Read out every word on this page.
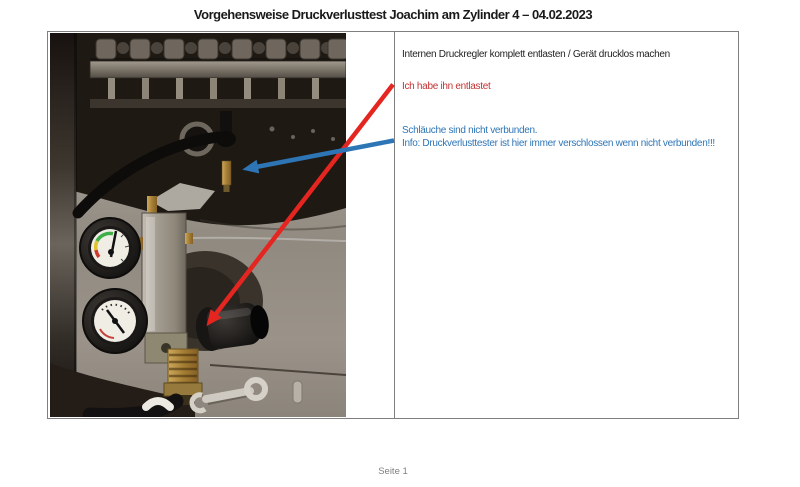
Vorgehensweise Druckverlusttest Joachim am Zylinder 4 – 04.02.2023

Internen Druckregler komplett entlasten / Gerät drucklos machen

Ich habe ihn entlastet

Schläuche sind nicht verbunden.
Info: Druckverlusttester ist hier immer verschlossen wenn nicht verbunden!!!

Seite 1
